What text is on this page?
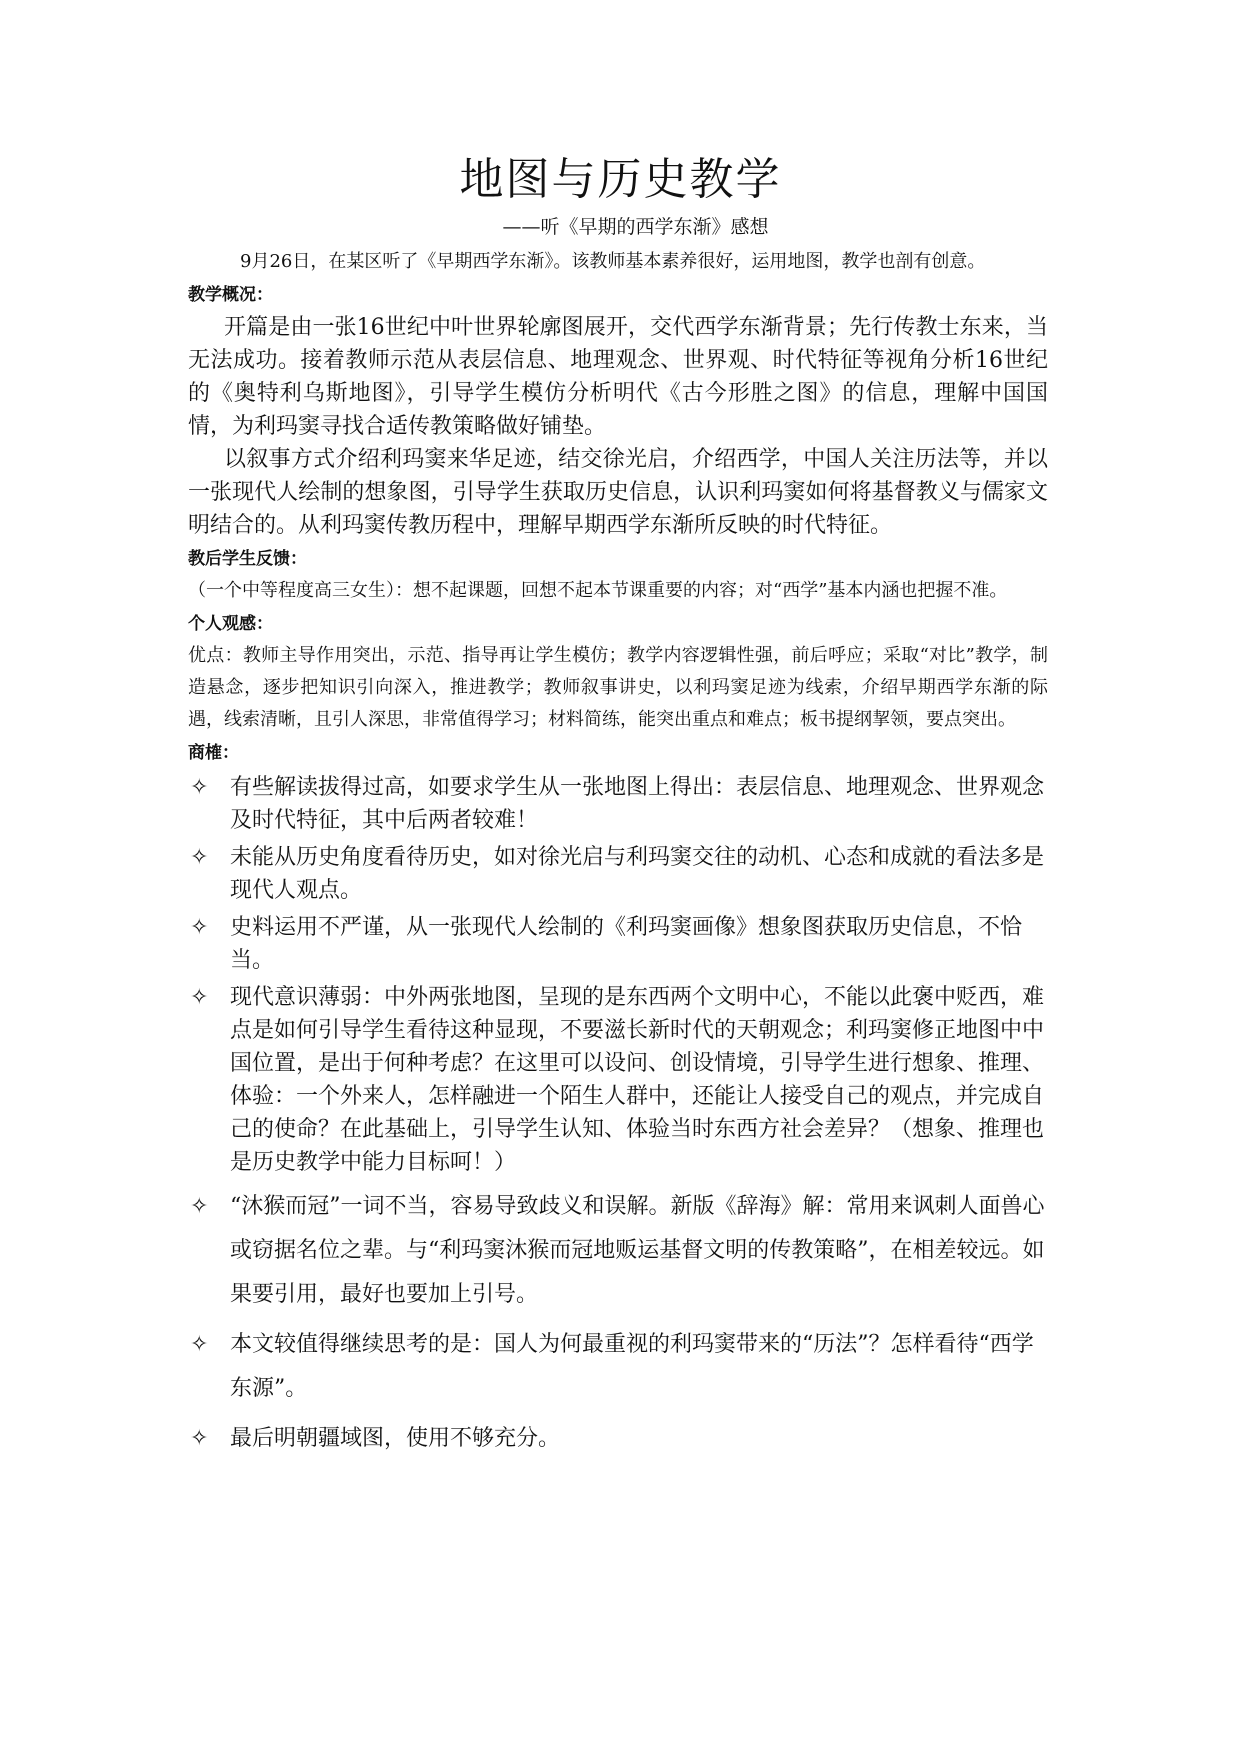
地图与历史教学
——听《早期的西学东渐》感想

9月26日，在某区听了《早期西学东渐》。该教师基本素养很好，运用地图，教学也剖有创意。

教学概况：

开篇是由一张16世纪中叶世界轮廓图展开，交代西学东渐背景；先行传教士东来，当无法成功。接着教师示范从表层信息、地理观念、世界观、时代特征等视角分析16世纪的《奥特利乌斯地图》，引导学生模仿分析明代《古今形胜之图》的信息，理解中国国情，为利玛窦寻找合适传教策略做好铺垫。

以叙事方式介绍利玛窦来华足迹，结交徐光启，介绍西学，中国人关注历法等，并以一张现代人绘制的想象图，引导学生获取历史信息，认识利玛窦如何将基督教义与儒家文明结合的。从利玛窦传教历程中，理解早期西学东渐所反映的时代特征。

教后学生反馈：

（一个中等程度高三女生）：想不起课题，回想不起本节课重要的内容；对“西学”基本内涵也把握不准。

个人观感：

优点：教师主导作用突出，示范、指导再让学生模仿；教学内容逻辑性强，前后呼应；采取“对比”教学，制造悬念，逐步把知识引向深入，推进教学；教师叙事讲史，以利玛窦足迹为线索，介绍早期西学东渐的际遇，线索清晰，且引人深思，非常值得学习；材料简练，能突出重点和难点；板书提纲挈领，要点突出。

商榷：
✧ 有些解读拔得过高，如要求学生从一张地图上得出：表层信息、地理观念、世界观念及时代特征，其中后两者较难！
✧ 未能从历史角度看待历史，如对徐光启与利玛窦交往的动机、心态和成就的看法多是现代人观点。
✧ 史料运用不严谨，从一张现代人绘制的《利玛窦画像》想象图获取历史信息，不恰当。
✧ 现代意识薄弱：中外两张地图，呈现的是东西两个文明中心，不能以此褒中贬西，难点是如何引导学生看待这种显现，不要滋长新时代的天朝观念；利玛窦修正地图中中国位置，是出于何种考虑？在这里可以设问、创设情境，引导学生进行想象、推理、体验：一个外来人，怎样融进一个陌生人群中，还能让人接受自己的观点，并完成自己的使命？在此基础上，引导学生认知、体验当时东西方社会差异？（想象、推理也是历史教学中能力目标呵！）
✧ “沐猴而冠”一词不当，容易导致歧义和误解。新版《辞海》解：常用来讽刺人面兽心或窃据名位之辈。与“利玛窦沐猴而冠地贩运基督文明的传教策略”，在相差较远。如果要引用，最好也要加上引号。
✧ 本文较值得继续思考的是：国人为何最重视的利玛窦带来的“历法”？怎样看待“西学东源”。
✧ 最后明朝疆域图，使用不够充分。
